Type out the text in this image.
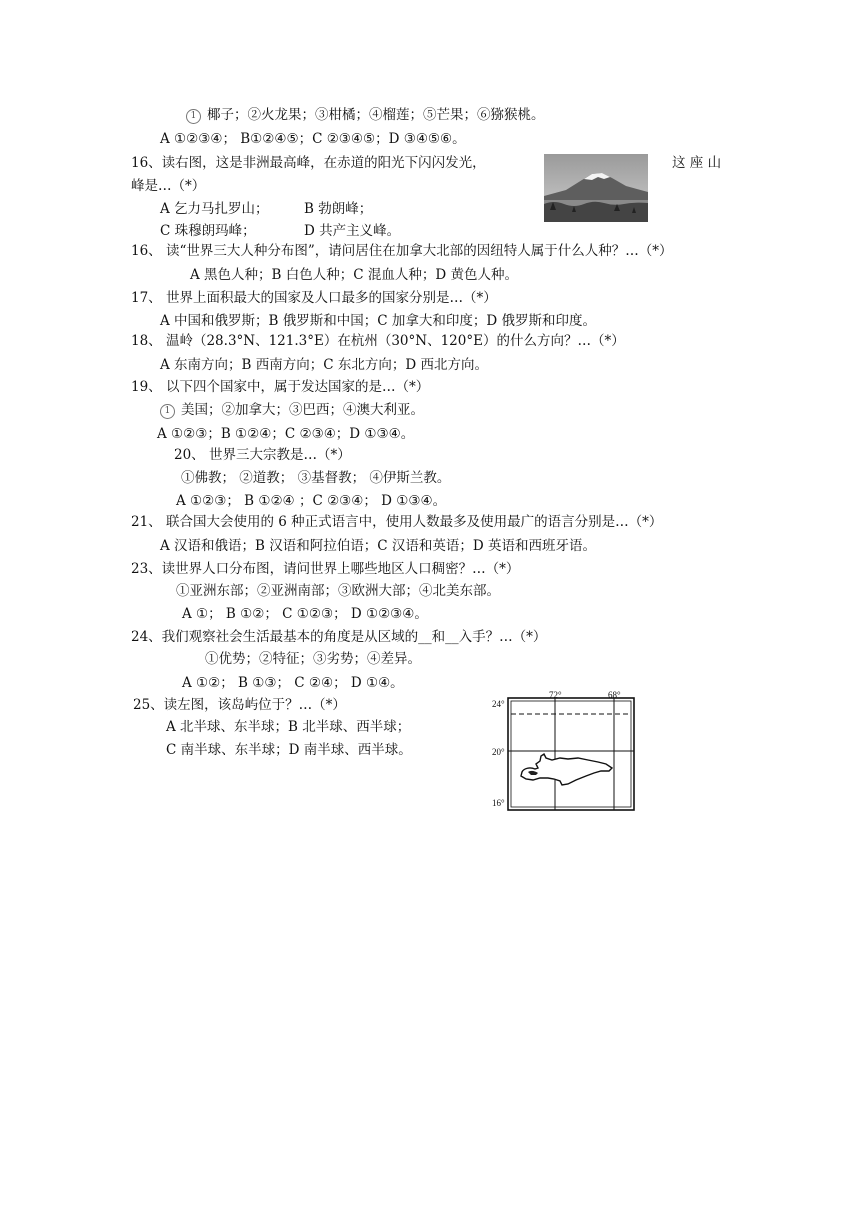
1 椰子；②火龙果；③柑橘；④榴莲；⑤芒果；⑥猕猴桃。
A ①②③④； B①②④⑤；C ②③④⑤；D ③④⑤⑥。
16、读右图，这是非洲最高峰，在赤道的阳光下闪闪发光，	这 座 山
峰是…（*）
A 乞力马扎罗山；	B 勃朗峰；
C 珠穆朗玛峰；	D 共产主义峰。
16、 读“世界三大人种分布图”，请问居住在加拿大北部的因纽特人属于什么人种？…（*）
A 黑色人种；B 白色人种；C 混血人种；D 黄色人种。
17、 世界上面积最大的国家及人口最多的国家分别是…（*）
A 中国和俄罗斯；B 俄罗斯和中国；C 加拿大和印度；D 俄罗斯和印度。
18、 温岭（28.3°N、121.3°E）在杭州（30°N、120°E）的什么方向？…（*）
A 东南方向；B 西南方向；C 东北方向；D 西北方向。
19、 以下四个国家中，属于发达国家的是…（*）
1 美国；②加拿大；③巴西；④澳大利亚。
A ①②③；B ①②④；C ②③④；D ①③④。
20、 世界三大宗教是…（*）
①佛教； ②道教； ③基督教； ④伊斯兰教。
A ①②③； B ①②④ ；C ②③④； D ①③④。
21、 联合国大会使用的 6 种正式语言中，使用人数最多及使用最广的语言分别是…（*）
A 汉语和俄语；B 汉语和阿拉伯语；C 汉语和英语；D 英语和西班牙语。
23、读世界人口分布图，请问世界上哪些地区人口稠密？…（*）
①亚洲东部；②亚洲南部；③欧洲大部；④北美东部。
A ①； B ①②； C ①②③； D ①②③④。
24、我们观察社会生活最基本的角度是从区域的__和__入手？…（*）
①优势；②特征；③劣势；④差异。
A ①②； B ①③； C ②④； D ①④。
25、读左图，该岛屿位于？…（*）
A 北半球、东半球；B 北半球、西半球；
C 南半球、东半球；D 南半球、西半球。
72°	68°
24°
20°
16°
